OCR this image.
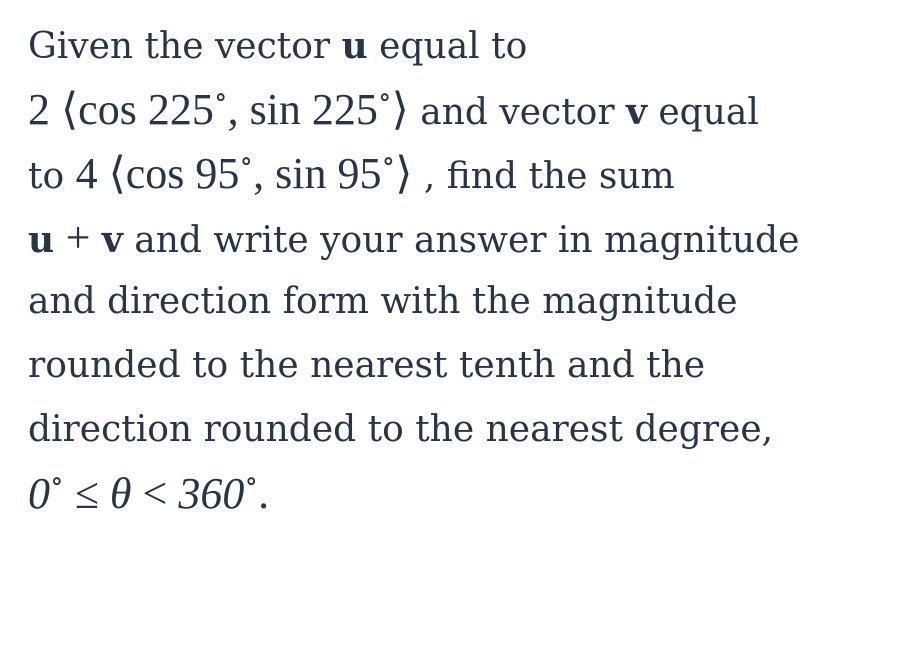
Given the vector u equal to
2 ⟨cos 225∘, sin 225∘⟩ and vector v equal
to 4 ⟨cos 95∘, sin 95∘⟩ , find the sum
u + v and write your answer in magnitude
and direction form with the magnitude
rounded to the nearest tenth and the
direction rounded to the nearest degree,
0∘ ≤ θ < 360∘.
